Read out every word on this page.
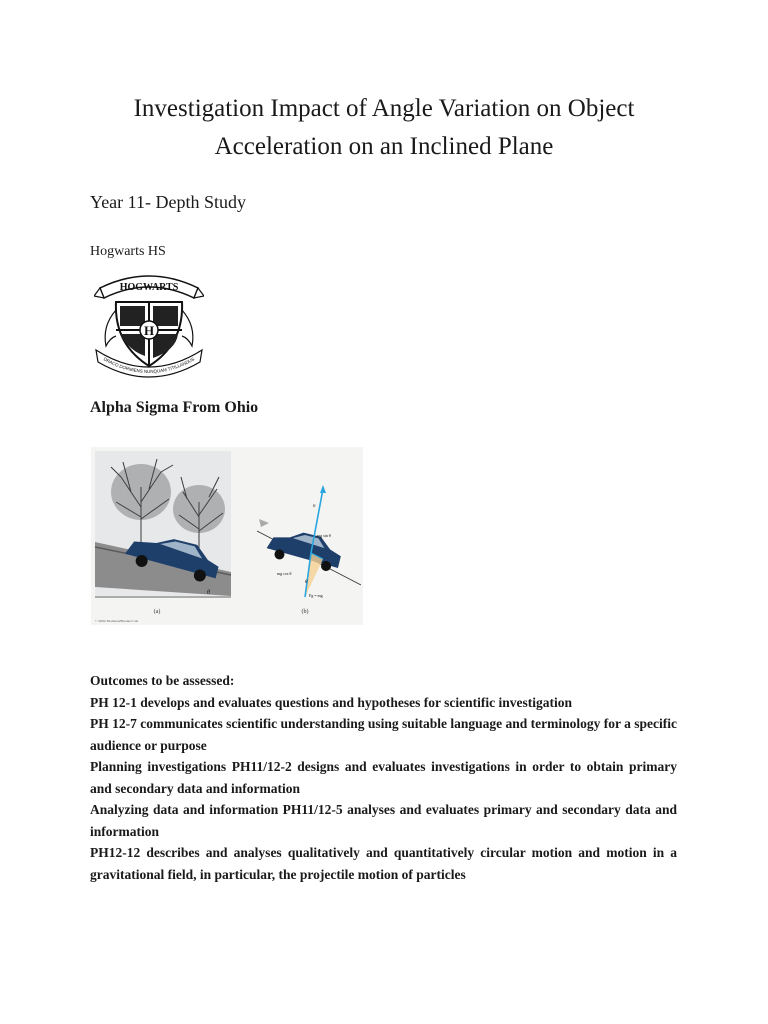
Investigation Impact of Angle Variation on Object
Acceleration on an Inclined Plane
Year 11- Depth Study
Hogwarts HS
HOGWARTS
H
DRACO DORMIENS NUNQUAM TITILLANDUS
Alpha Sigma From Ohio
θ
(a)
n
mg sin θ
mg cos θ
Fg = mg
θ
(b)
© 2004 Thomson/Brooks Cole

Outcomes to be assessed:

PH 12-1 develops and evaluates questions and hypotheses for scientific investigation

PH 12-7 communicates scientific understanding using suitable language and terminology for a specific audience or purpose

Planning investigations PH11/12-2 designs and evaluates investigations in order to obtain primary and secondary data and information

Analyzing data and information PH11/12-5 analyses and evaluates primary and secondary data and information

PH12-12 describes and analyses qualitatively and quantitatively circular motion and motion in a gravitational field, in particular, the projectile motion of particles
